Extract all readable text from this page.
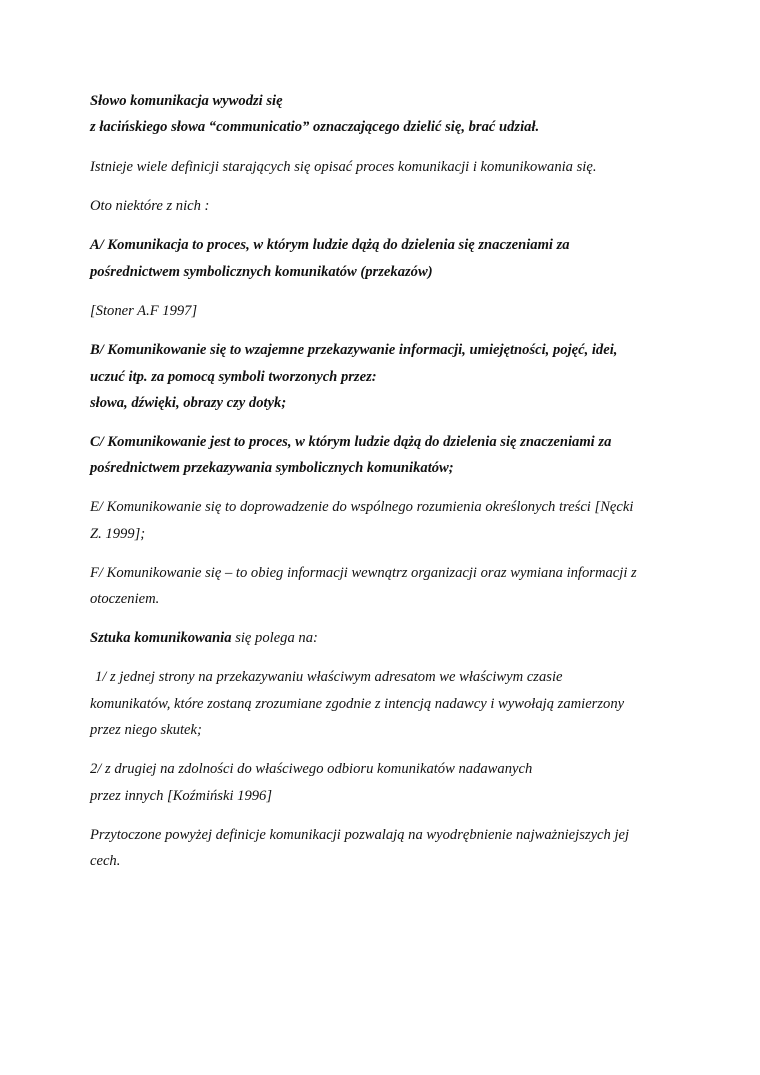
Słowo komunikacja wywodzi się
z łacińskiego słowa “communicatio” oznaczającego dzielić się, brać udział.
Istnieje wiele definicji starających się opisać proces komunikacji i komunikowania się.
Oto niektóre z nich :
A/ Komunikacja to proces, w którym ludzie dążą do dzielenia się znaczeniami za
pośrednictwem symbolicznych komunikatów (przekazów)
[Stoner A.F 1997]
B/ Komunikowanie się to wzajemne przekazywanie informacji, umiejętności, pojęć, idei,
uczuć itp. za pomocą symboli tworzonych przez:
słowa, dźwięki, obrazy czy dotyk;
C/ Komunikowanie jest to proces, w którym ludzie dążą do dzielenia się znaczeniami za
pośrednictwem przekazywania symbolicznych komunikatów;
E/ Komunikowanie się to doprowadzenie do wspólnego rozumienia określonych treści [Nęcki
Z. 1999];
F/ Komunikowanie się – to obieg informacji wewnątrz organizacji oraz wymiana informacji z
otoczeniem.
Sztuka komunikowania się polega na:
1/ z jednej strony na przekazywaniu właściwym adresatom we właściwym czasie
komunikatów, które zostaną zrozumiane zgodnie z intencją nadawcy i wywołają zamierzony
przez niego skutek;
2/ z drugiej na zdolności do właściwego odbioru komunikatów nadawanych
przez innych [Koźmiński 1996]
Przytoczone powyżej definicje komunikacji pozwalają na wyodrębnienie najważniejszych jej
cech.
